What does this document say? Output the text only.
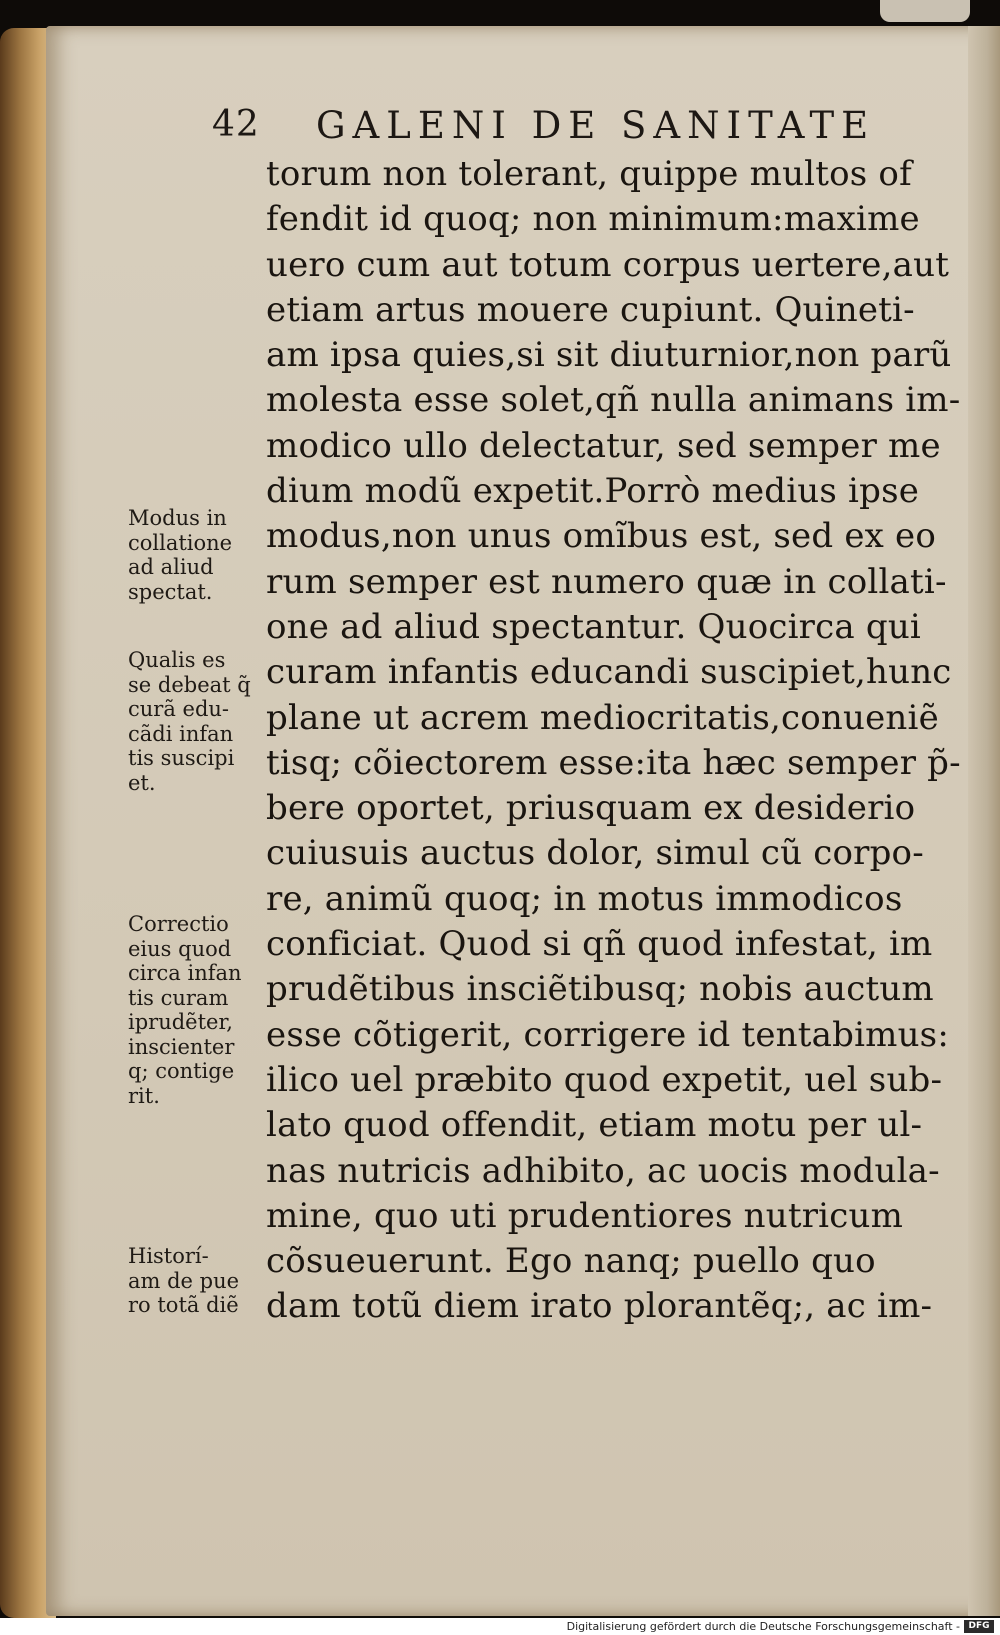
42 GALENI DE SANITATE
torum non tolerant, quippe multos of
fendit id quoq; non minimum:maxime
uero cum aut totum corpus uertere,aut
etiam artus mouere cupiunt. Quineti-
am ipsa quies,si sit diuturnior,non parũ
molesta esse solet,qñ nulla animans im-
modico ullo delectatur, sed semper me
dium modũ expetit.Porrò medius ipse
modus,non unus omĩbus est, sed ex eo
rum semper est numero quæ in collati-
one ad aliud spectantur. Quocirca qui
curam infantis educandi suscipiet,hunc
plane ut acrem mediocritatis,conueniẽ
tisq; cõiectorem esse:ita hæc semper p̃-
bere oportet, priusquam ex desiderio
cuiusuis auctus dolor, simul cũ corpo-
re, animũ quoq; in motus immodicos
conficiat. Quod si qñ quod infestat, im
prudẽtibus insciẽtibusq; nobis auctum
esse cõtigerit, corrigere id tentabimus:
ilico uel præbito quod expetit, uel sub-
lato quod offendit, etiam motu per ul-
nas nutricis adhibito, ac uocis modula-
mine, quo uti prudentiores nutricum
cõsueuerunt. Ego nanq; puello quo
dam totũ diem irato plorantẽq;, ac im-
Modus in
collatione
ad aliud
spectat.
Qualis es
se debeat q̃
curã edu-
cãdi infan
tis suscipi
et.
Correctio
eius quod
circa infan
tis curam
iprudẽter,
inscienter
q; contige
rit.
Historí-
am de pue
ro totã diẽ
Digitalisierung gefördert durch die Deutsche Forschungsgemeinschaft - DFG
